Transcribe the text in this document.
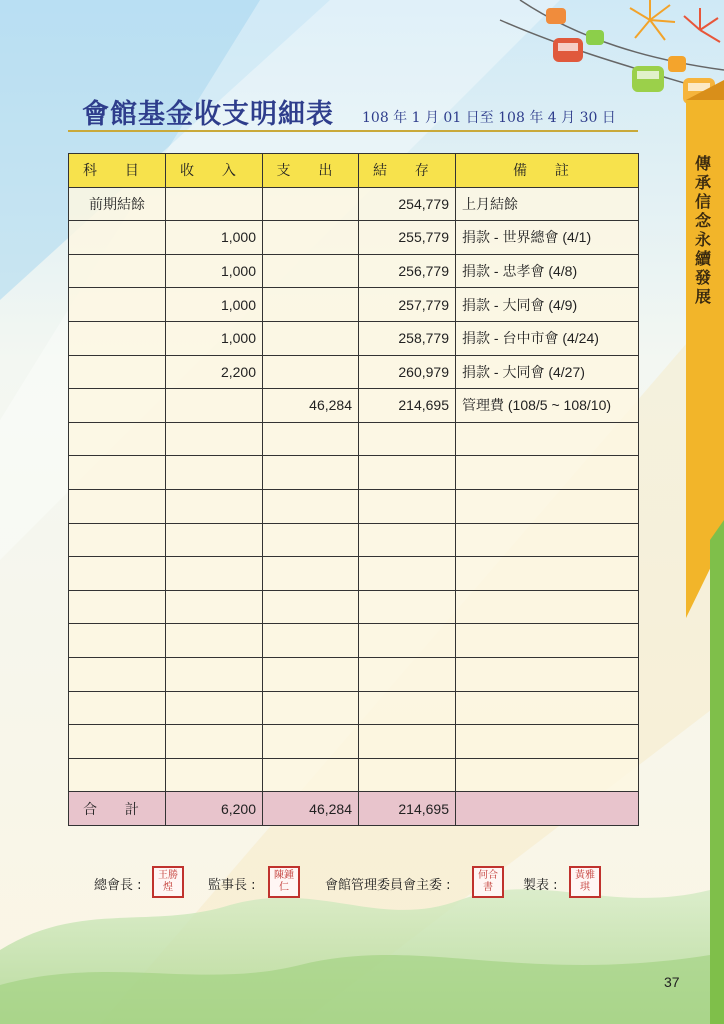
會館基金收支明細表 108 年 1 月 01 日至 108 年 4 月 30 日
傳承信念 永續發展
科 目	收 入	支 出	結 存	備 註
前期結餘			254,779	上月結餘
	1,000		255,779	捐款 - 世界總會 (4/1)
	1,000		256,779	捐款 - 忠孝會 (4/8)
	1,000		257,779	捐款 - 大同會 (4/9)
	1,000		258,779	捐款 - 台中市會 (4/24)
	2,200		260,979	捐款 - 大同會 (4/27)
		46,284	214,695	管理費 (108/5 ~ 108/10)

合 計	6,200	46,284	214,695	
總會長 :
王 勝
煌	監事長 :
陳 鍾
仁	會館管理委員會主委 :
何 合
書 製表 :
黃 雅
琪
37
